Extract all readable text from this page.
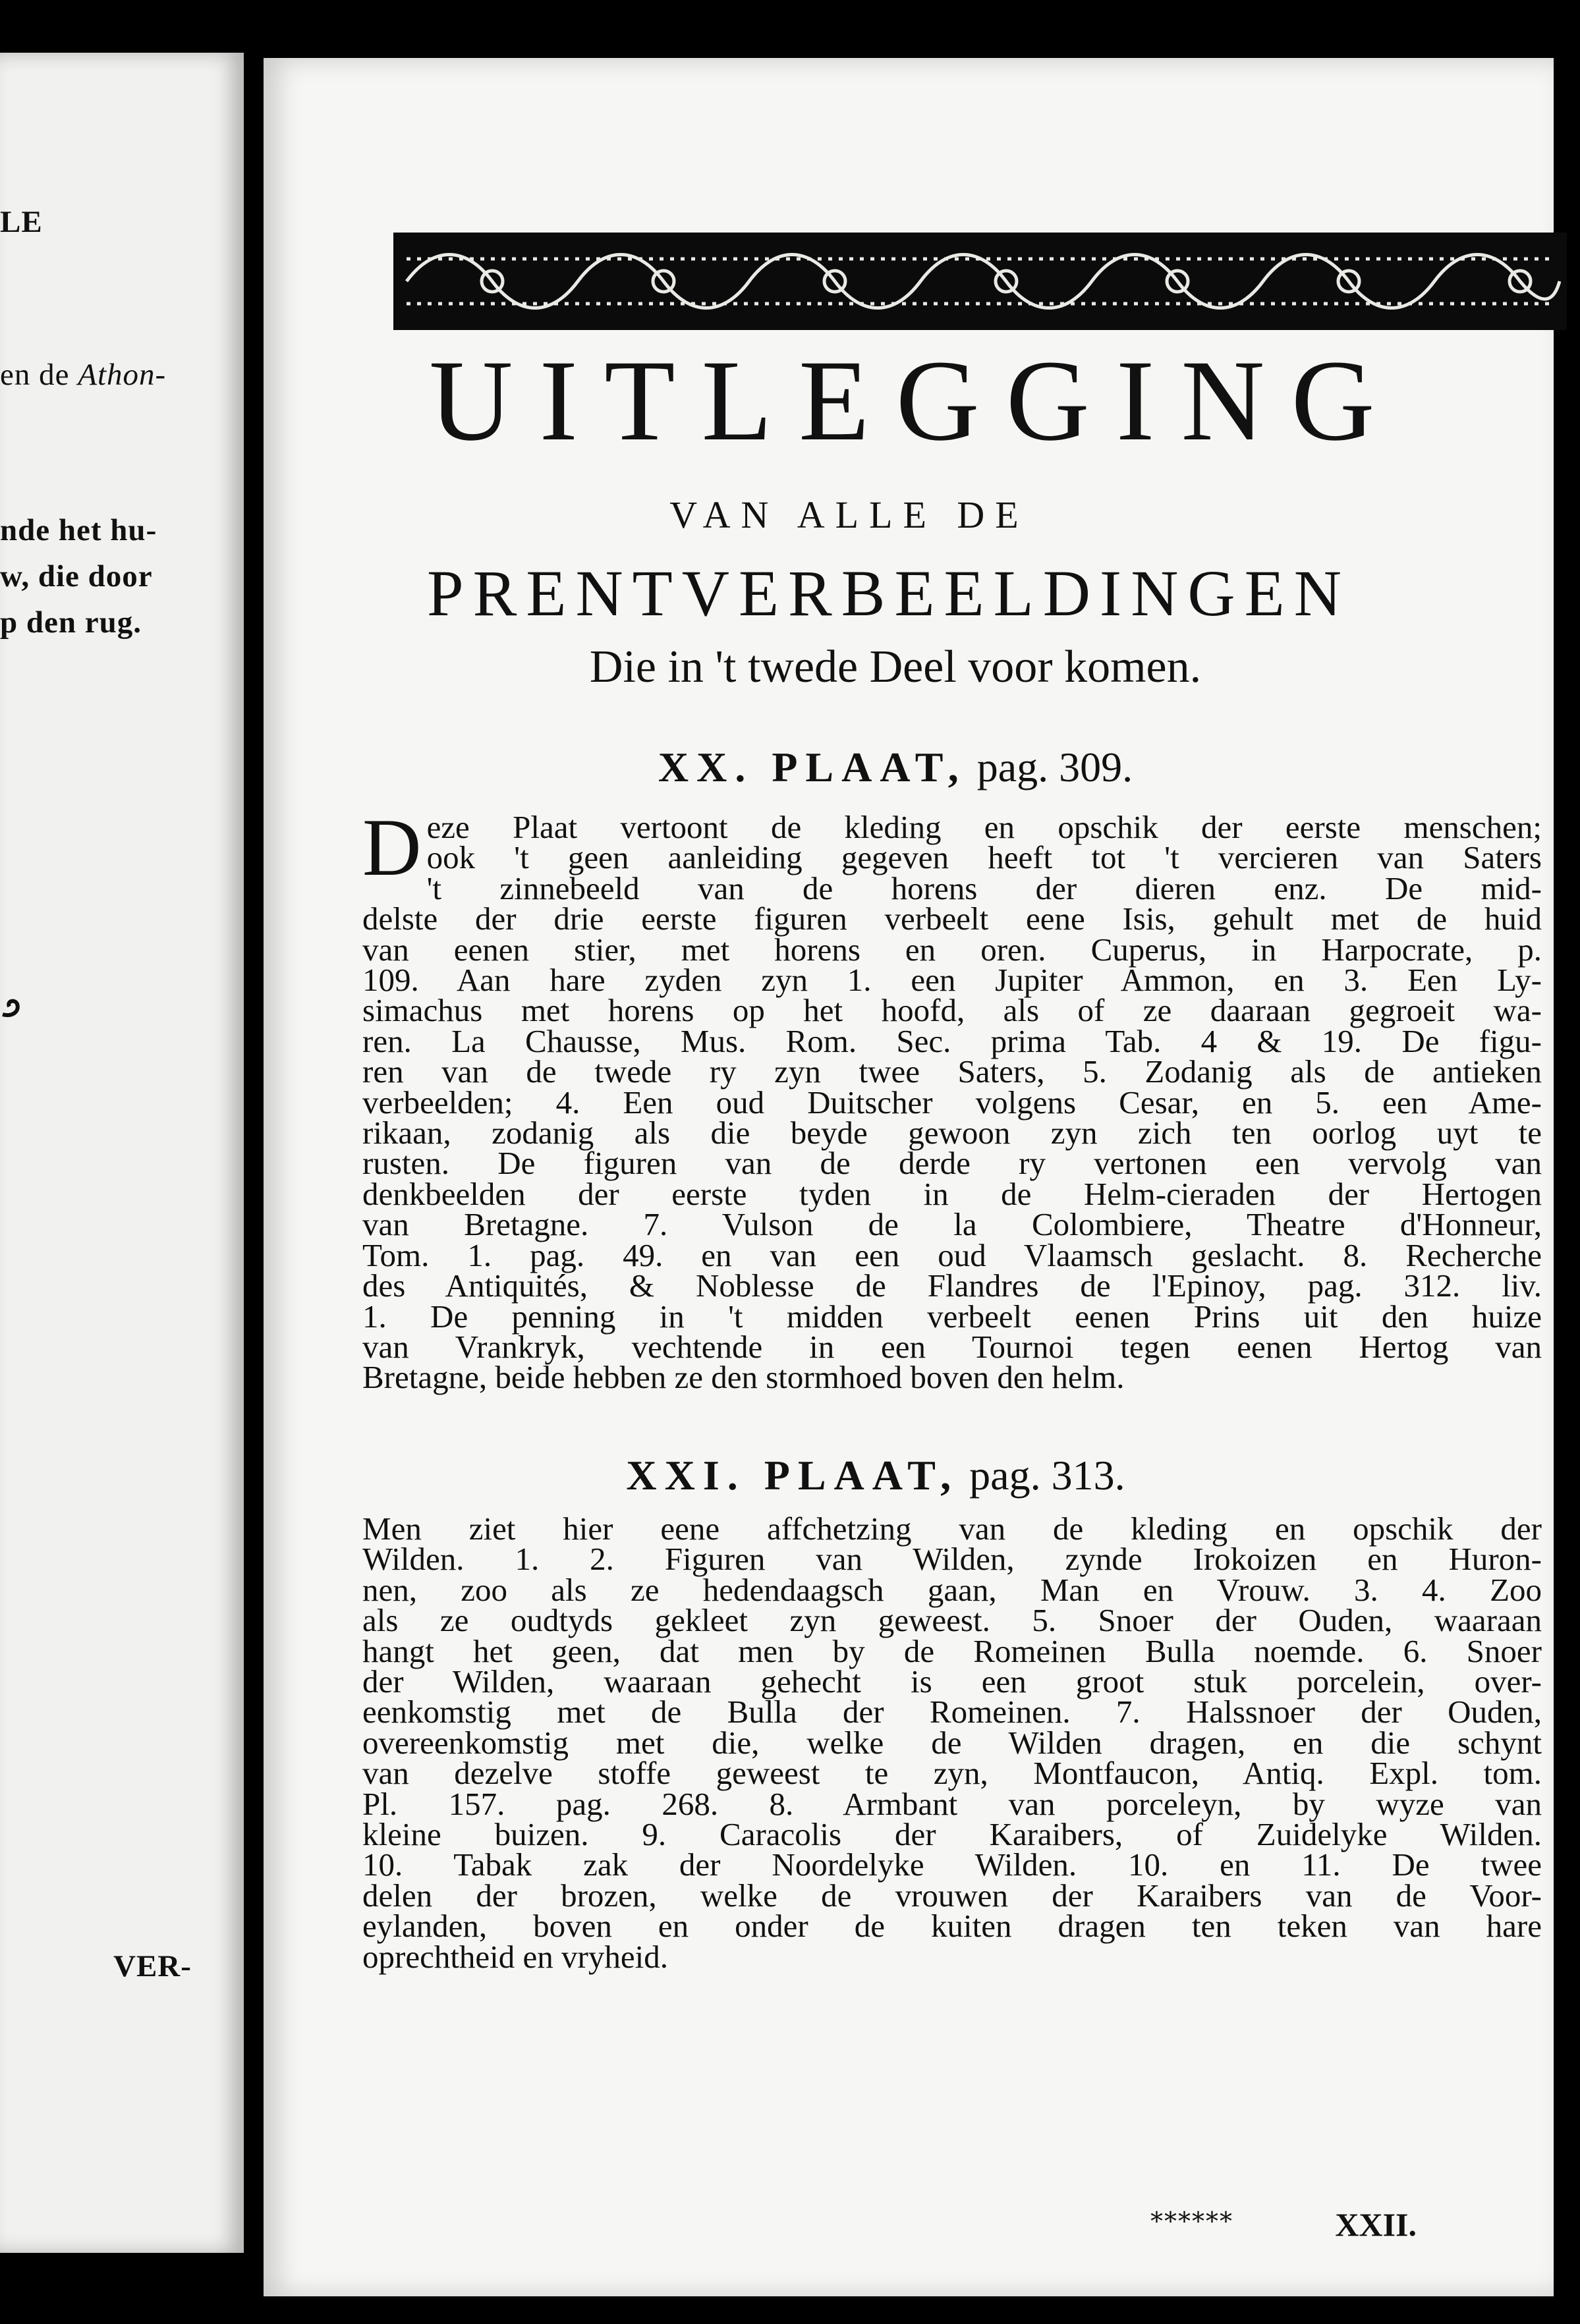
LE
en de Athon-
nde het hu-
w, die door
p den rug.
VER-
UITLEGGING
VAN ALLE DE
PRENTVERBEELDINGEN
Die in 't twede Deel voor komen.
XX. PLAAT, pag. 309.
D eze Plaat vertoont de kleding en opschik der eerste menschen;
ook 't geen aanleiding gegeven heeft tot 't vercieren van Saters
't zinnebeeld van de horens der dieren enz. De mid-
delste der drie eerste figuren verbeelt eene Isis, gehult met de huid
van eenen stier, met horens en oren. Cuperus, in Harpocrate, p.
109. Aan hare zyden zyn 1. een Jupiter Ammon, en 3. Een Ly-
simachus met horens op het hoofd, als of ze daaraan gegroeit wa-
ren. La Chausse, Mus. Rom. Sec. prima Tab. 4 & 19. De figu-
ren van de twede ry zyn twee Saters, 5. Zodanig als de antieken
verbeelden; 4. Een oud Duitscher volgens Cesar, en 5. een Ame-
rikaan, zodanig als die beyde gewoon zyn zich ten oorlog uyt te
rusten. De figuren van de derde ry vertonen een vervolg van
denkbeelden der eerste tyden in de Helm-cieraden der Hertogen
van Bretagne. 7. Vulson de la Colombiere, Theatre d'Honneur,
Tom. 1. pag. 49. en van een oud Vlaamsch geslacht. 8. Recherche
des Antiquités, & Noblesse de Flandres de l'Epinoy, pag. 312. liv.
1. De penning in 't midden verbeelt eenen Prins uit den huize
van Vrankryk, vechtende in een Tournoi tegen eenen Hertog van
Bretagne, beide hebben ze den stormhoed boven den helm.
XXI. PLAAT, pag. 313.
Men ziet hier eene affchetzing van de kleding en opschik der
Wilden. 1. 2. Figuren van Wilden, zynde Irokoizen en Huron-
nen, zoo als ze hedendaagsch gaan, Man en Vrouw. 3. 4. Zoo
als ze oudtyds gekleet zyn geweest. 5. Snoer der Ouden, waaraan
hangt het geen, dat men by de Romeinen Bulla noemde. 6. Snoer
der Wilden, waaraan gehecht is een groot stuk porcelein, over-
eenkomstig met de Bulla der Romeinen. 7. Halssnoer der Ouden,
overeenkomstig met die, welke de Wilden dragen, en die schynt
van dezelve stoffe geweest te zyn, Montfaucon, Antiq. Expl. tom.
Pl. 157. pag. 268. 8. Armbant van porceleyn, by wyze van
kleine buizen. 9. Caracolis der Karaibers, of Zuidelyke Wilden.
10. Tabak zak der Noordelyke Wilden. 10. en 11. De twee
delen der brozen, welke de vrouwen der Karaibers van de Voor-
eylanden, boven en onder de kuiten dragen ten teken van hare
oprechtheid en vryheid.
******	XXII.
